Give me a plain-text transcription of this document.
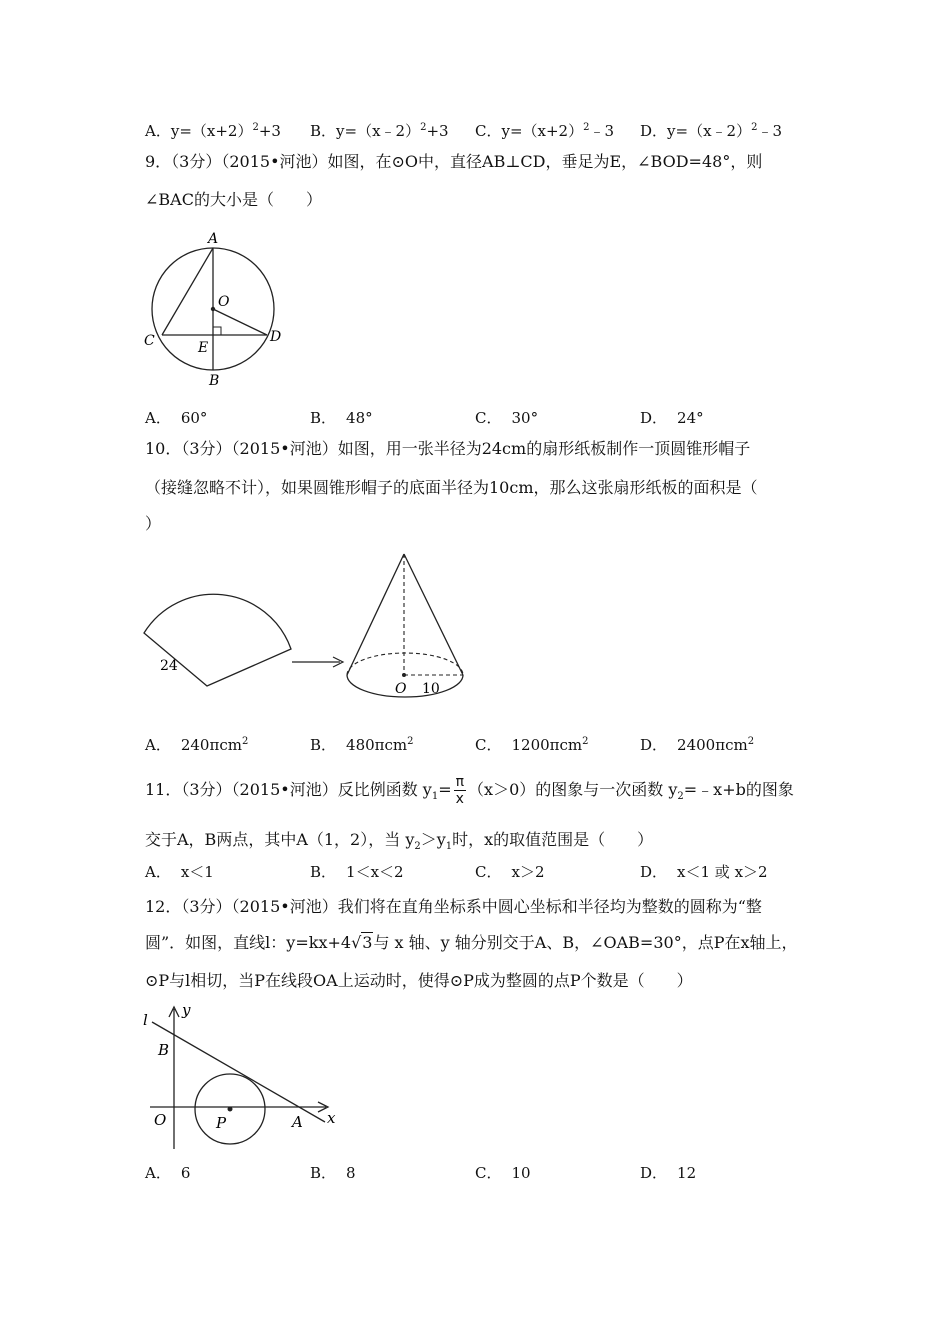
A．$y=(x+2)^2+3$ B．y=（x﹣2）$^2$+3 C．$y=(x+2)^2﹣3$ D．y=（x﹣2）$^2$﹣3
9．（3分）（2015•河池）如图，在⊙O中，直径AB⊥CD，垂足为E，∠BOD=48°，则
∠BAC的大小是（　　）
A
O
C	D
E
B
A． 60°	B． 48°	C． 30°	D． 24°
10．（3分）（2015•河池）如图，用一张半径为24cm的扇形纸板制作一顶圆锥形帽子
（接缝忽略不计），如果圆锥形帽子的底面半径为10cm，那么这张扇形纸板的面积是（
）
24
O 10
A． 240πcm$^2$	B． 480πcm$^2$	C． 1200πcm$^2$	D． 2400πcm$^2$
11．（3分）（2015•河池）反比例函数 $y_1= \frac{\pi}{x} (x>0)$的图象与一次函数 $y_2=﹣x+b$的图象
交于A，B两点，其中A（1，2），当 $y_2>y_1$时，x的取值范围是（　　）
A． x＜1	B． 1＜x＜2	C． x＞2	D． x＜1 或 x＞2
12．（3分）（2015•河池）我们将在直角坐标系中圆心坐标和半径均为整数的圆称为“整
圆”．如图，直线l：y=kx+4√3与 x 轴、y 轴分别交于A、B，∠OAB=30°，点P在x轴上，
⊙P与l相切，当P在线段OA上运动时，使得⊙P成为整圆的点P个数是（　　）
l
y
B
O	P	A x
A． 6	B． 8	C． 10	D． 12
